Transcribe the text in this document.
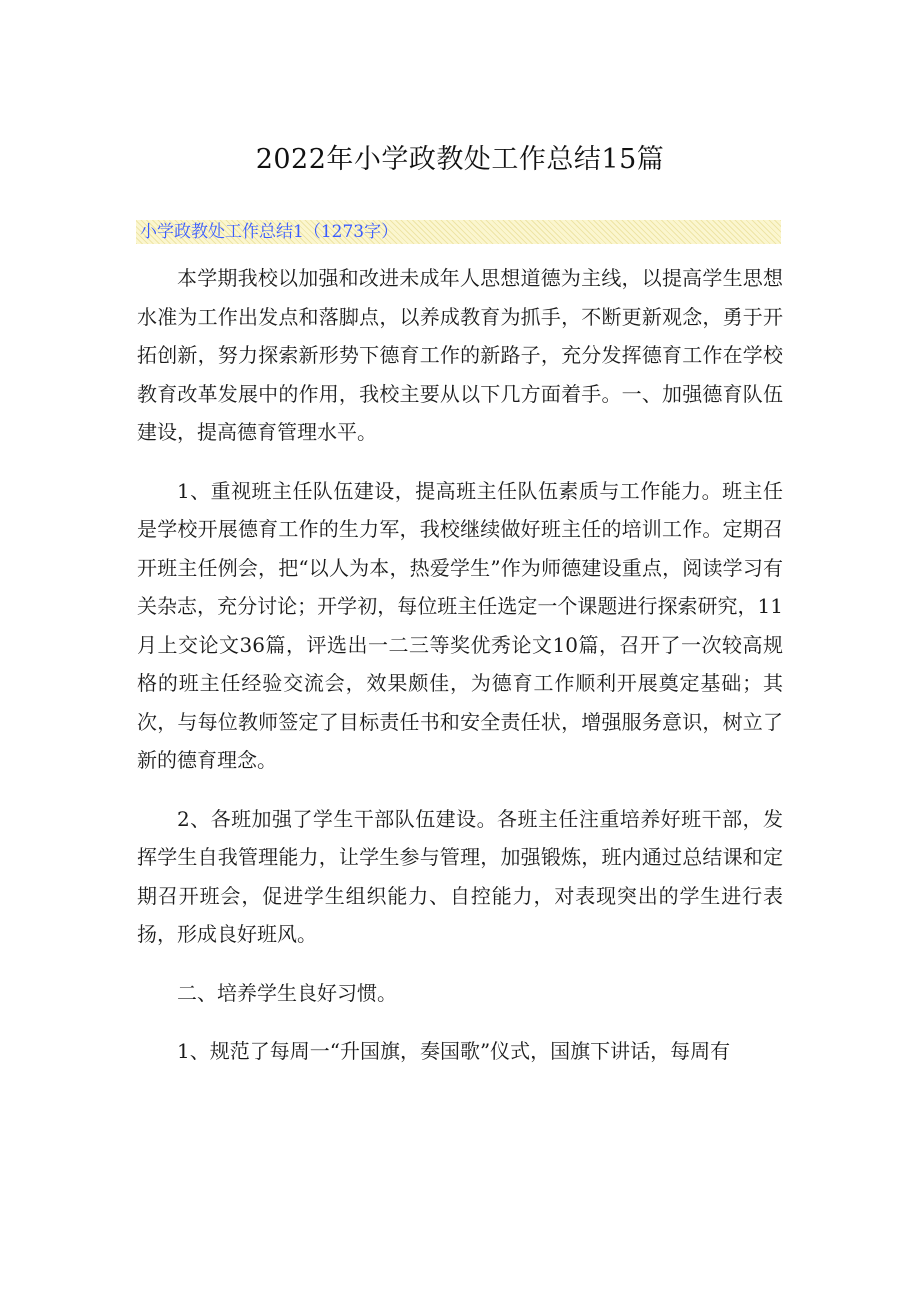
2022年小学政教处工作总结15篇
小学政教处工作总结1（1273字）

本学期我校以加强和改进未成年人思想道德为主线，以提高学生思想水准为工作出发点和落脚点，以养成教育为抓手，不断更新观念，勇于开拓创新，努力探索新形势下德育工作的新路子，充分发挥德育工作在学校教育改革发展中的作用，我校主要从以下几方面着手。一、加强德育队伍建设，提高德育管理水平。

1、重视班主任队伍建设，提高班主任队伍素质与工作能力。班主任是学校开展德育工作的生力军，我校继续做好班主任的培训工作。定期召开班主任例会，把“以人为本，热爱学生”作为师德建设重点，阅读学习有关杂志，充分讨论；开学初，每位班主任选定一个课题进行探索研究，11月上交论文36篇，评选出一二三等奖优秀论文10篇，召开了一次较高规格的班主任经验交流会，效果颇佳，为德育工作顺利开展奠定基础；其次，与每位教师签定了目标责任书和安全责任状，增强服务意识，树立了新的德育理念。

2、各班加强了学生干部队伍建设。各班主任注重培养好班干部，发挥学生自我管理能力，让学生参与管理，加强锻炼，班内通过总结课和定期召开班会，促进学生组织能力、自控能力，对表现突出的学生进行表扬，形成良好班风。

二、培养学生良好习惯。

1、规范了每周一“升国旗，奏国歌”仪式，国旗下讲话，每周有
